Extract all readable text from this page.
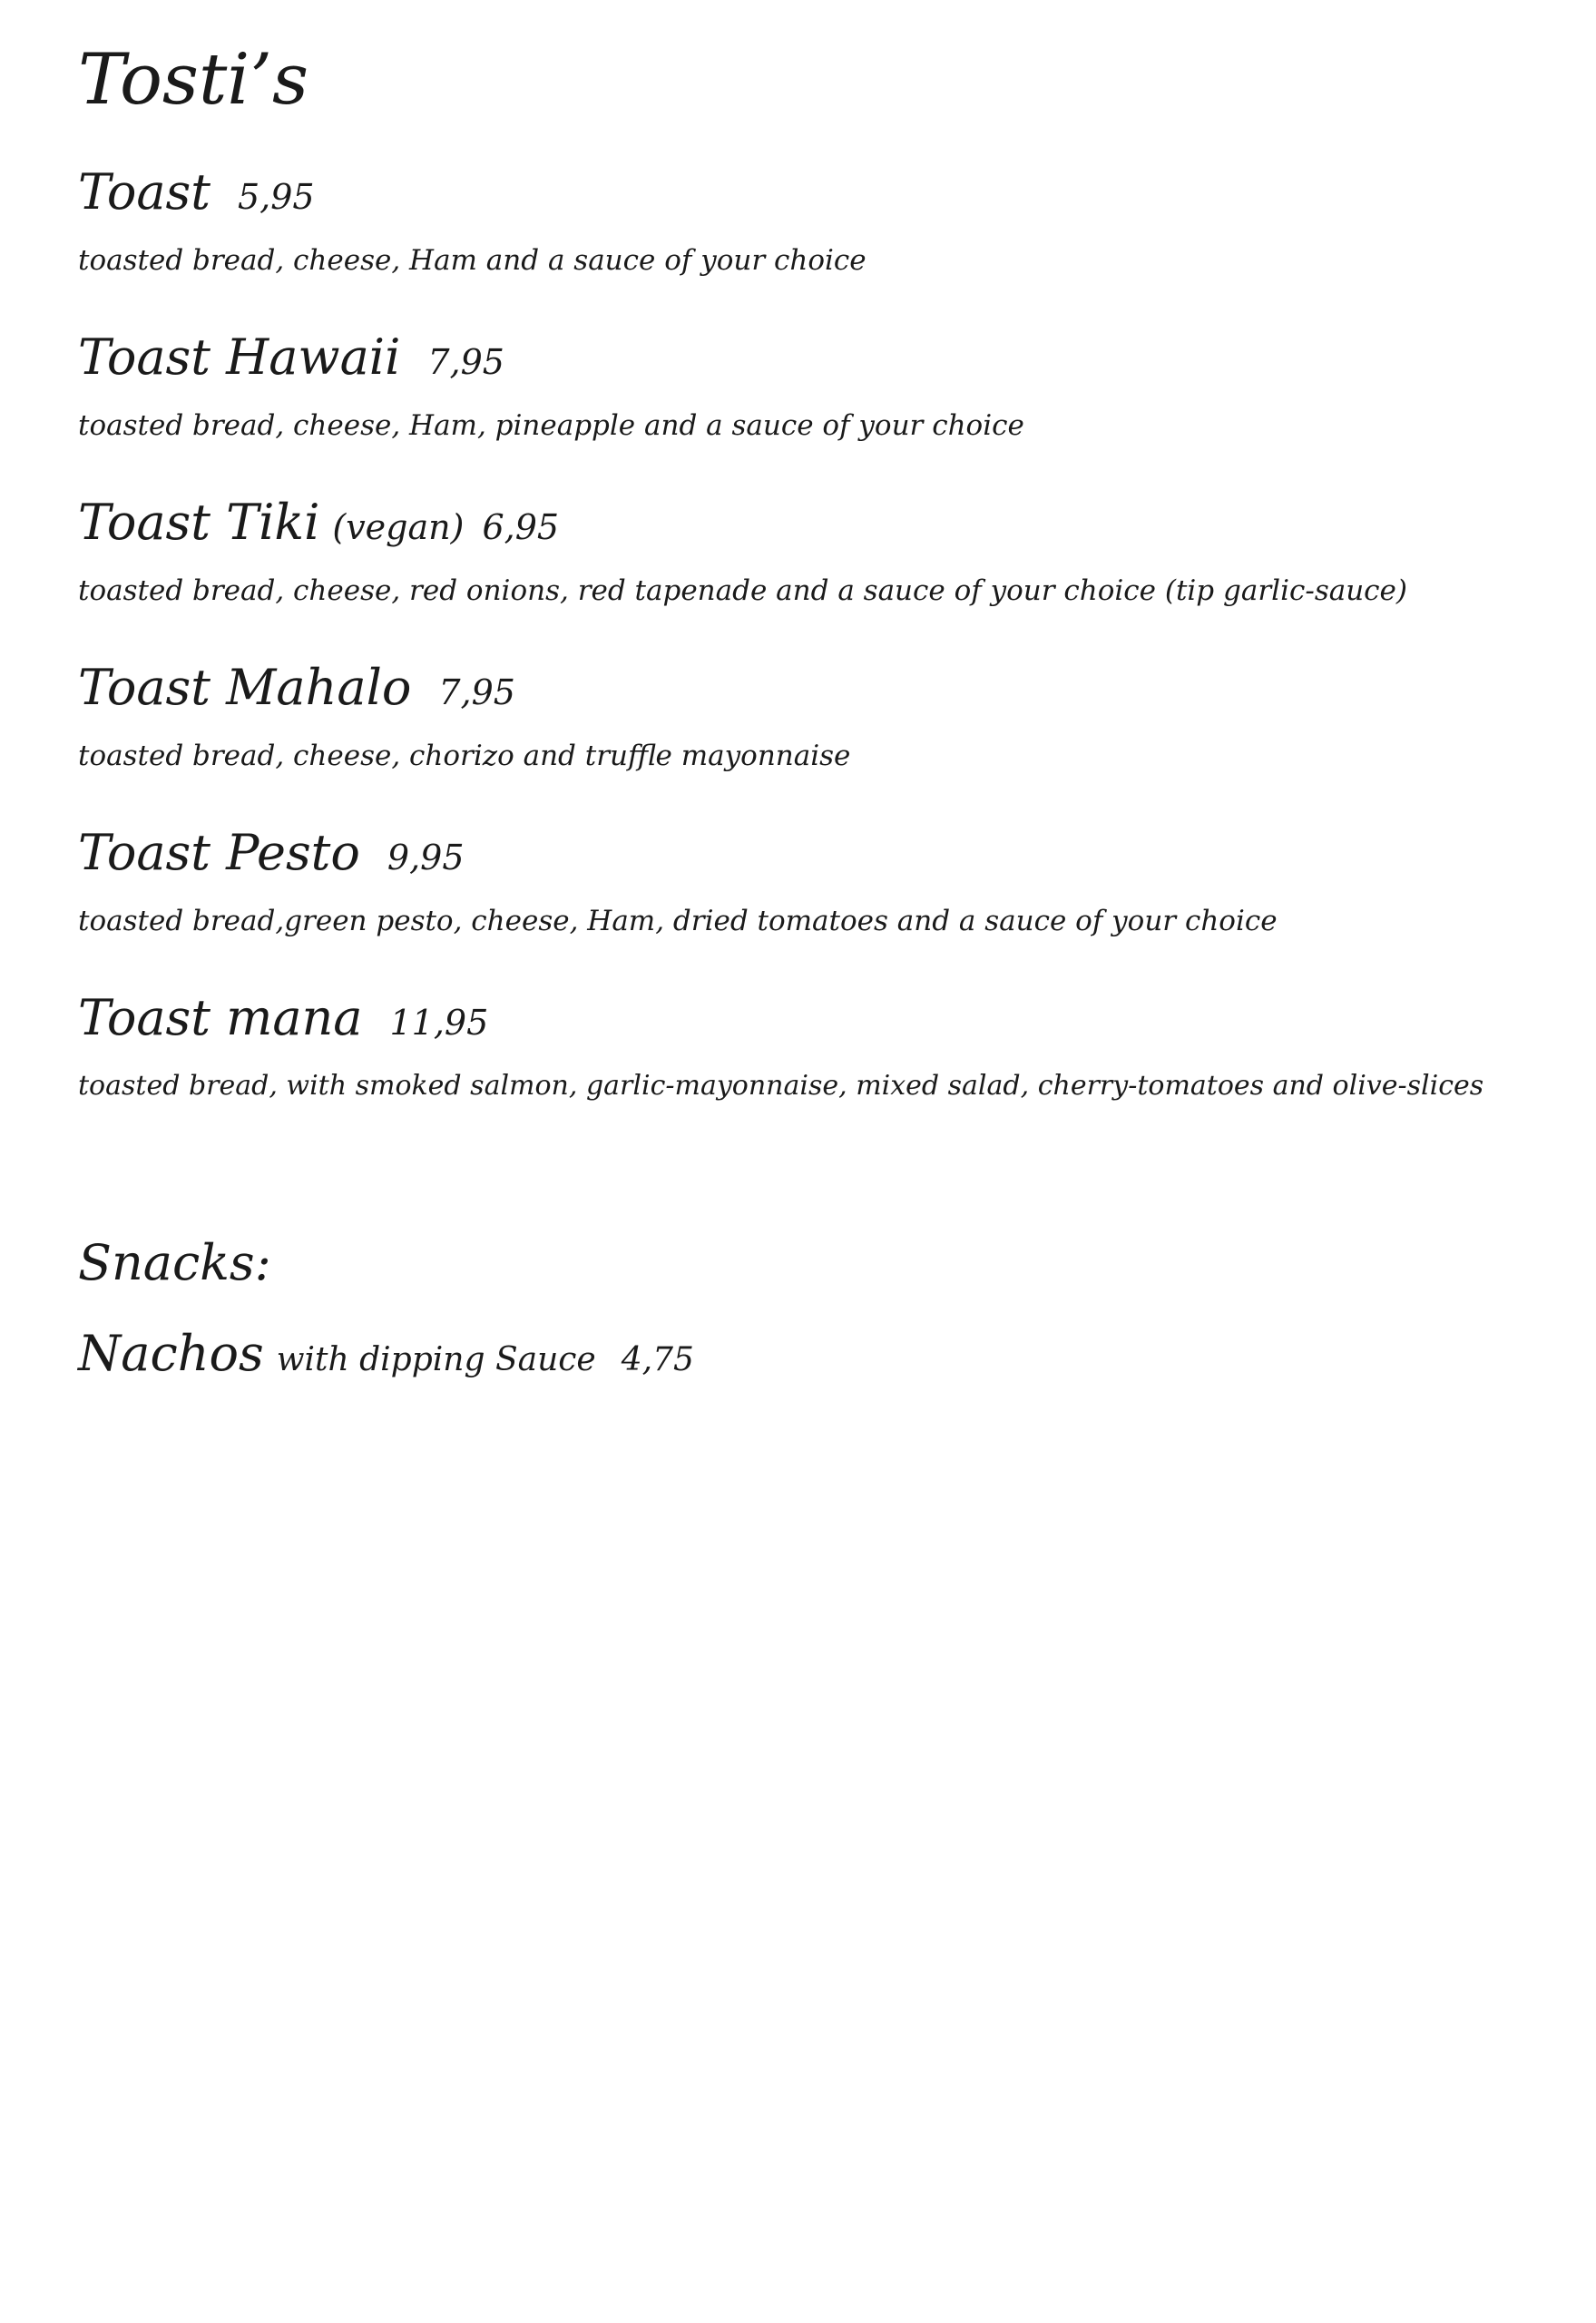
Tosti’s
Toast 5,95
toasted bread, cheese, Ham and a sauce of your choice
Toast Hawaii 7,95
toasted bread, cheese, Ham, pineapple and a sauce of your choice
Toast Tiki (vegan) 6,95
toasted bread, cheese, red onions, red tapenade and a sauce of your choice (tip garlic-sauce)
Toast Mahalo 7,95
toasted bread, cheese, chorizo and truffle mayonnaise
Toast Pesto 9,95
toasted bread,green pesto, cheese, Ham, dried tomatoes and a sauce of your choice
Toast mana 11,95
toasted bread, with smoked salmon, garlic-mayonnaise, mixed salad, cherry-tomatoes and olive-slices
Snacks:
Nachos with dipping Sauce 4,75
